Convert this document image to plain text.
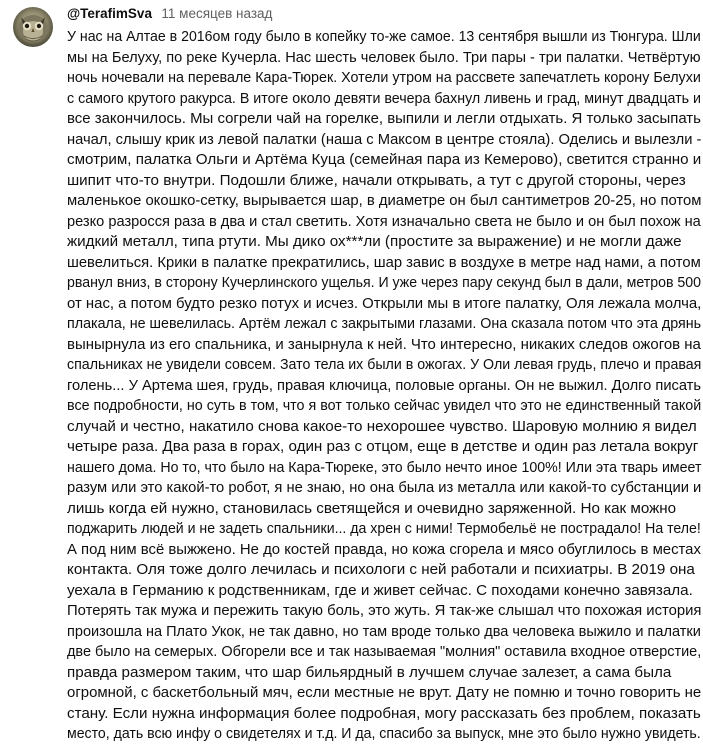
@TerafimSva 11 месяцев назад
У нас на Алтае в 2016ом году было в копейку то-же самое. 13 сентября вышли из Тюнгура. Шли
мы на Белуху, по реке Кучерла. Нас шесть человек было. Три пары - три палатки. Четвёртую
ночь ночевали на перевале Кара-Тюрек. Хотели утром на рассвете запечатлеть корону Белухи
с самого крутого ракурса. В итоге около девяти вечера бахнул ливень и град, минут двадцать и
все закончилось. Мы согрели чай на горелке, выпили и легли отдыхать. Я только засыпать
начал, слышу крик из левой палатки (наша с Максом в центре стояла). Оделись и вылезли -
смотрим, палатка Ольги и Артёма Куца (семейная пара из Кемерово), светится странно и
шипит что-то внутри. Подошли ближе, начали открывать, а тут с другой стороны, через
маленькое окошко-сетку, вырывается шар, в диаметре он был сантиметров 20-25, но потом
резко разросся раза в два и стал светить. Хотя изначально света не было и он был похож на
жидкий металл, типа ртути. Мы дико ох***ли (простите за выражение) и не могли даже
шевелиться. Крики в палатке прекратились, шар завис в воздухе в метре над нами, а потом
рванул вниз, в сторону Кучерлинского ущелья. И уже через пару секунд был в дали, метров 500
от нас, а потом будто резко потух и исчез. Открыли мы в итоге палатку, Оля лежала молча,
плакала, не шевелилась. Артём лежал с закрытыми глазами. Она сказала потом что эта дрянь
вынырнула из его спальника, и занырнула к ней. Что интересно, никаких следов ожогов на
спальниках не увидели совсем. Зато тела их были в ожогах. У Оли левая грудь, плечо и правая
голень... У Артема шея, грудь, правая ключица, половые органы. Он не выжил. Долго писать
все подробности, но суть в том, что я вот только сейчас увидел что это не единственный такой
случай и честно, накатило снова какое-то нехорошее чувство. Шаровую молнию я видел
четыре раза. Два раза в горах, один раз с отцом, еще в детстве и один раз летала вокруг
нашего дома. Но то, что было на Кара-Тюреке, это было нечто иное 100%! Или эта тварь имеет
разум или это какой-то робот, я не знаю, но она была из металла или какой-то субстанции и
лишь когда ей нужно, становилась светящейся и очевидно заряженной. Но как можно
поджарить людей и не задеть спальники... да хрен с ними! Термобельё не пострадало! На теле!
А под ним всё выжжено. Не до костей правда, но кожа сгорела и мясо обуглилось в местах
контакта. Оля тоже долго лечилась и психологи с ней работали и психиатры. В 2019 она
уехала в Германию к родственникам, где и живет сейчас. С походами конечно завязала.
Потерять так мужа и пережить такую боль, это жуть. Я так-же слышал что похожая история
произошла на Плато Укок, не так давно, но там вроде только два человека выжило и палатки
две было на семерых. Обгорели все и так называемая "молния" оставила входное отверстие,
правда размером таким, что шар бильярдный в лучшем случае залезет, а сама была
огромной, с баскетбольный мяч, если местные не врут. Дату не помню и точно говорить не
стану. Если нужна информация более подробная, могу рассказать без проблем, показать
место, дать всю инфу о свидетелях и т.д. И да, спасибо за выпуск, мне это было нужно увидеть.
